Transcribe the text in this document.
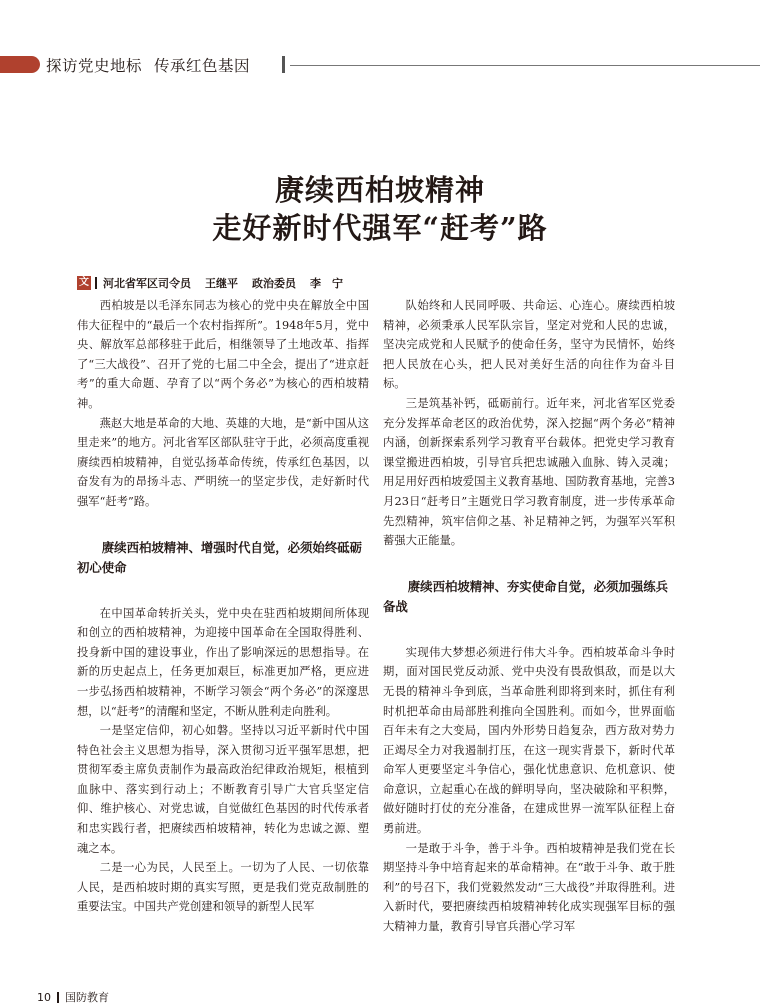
探访党史地标 传承红色基因
赓续西柏坡精神
走好新时代强军“赶考”路
文 河北省军区司令员 王继平 政治委员 李　宁

西柏坡是以毛泽东同志为核心的党中央在解放全中国伟大征程中的“最后一个农村指挥所”。1948年5月，党中央、解放军总部移驻于此后，相继领导了土地改革、指挥了“三大战役”、召开了党的七届二中全会，提出了“进京赶考”的重大命题、孕育了以“两个务必”为核心的西柏坡精神。

燕赵大地是革命的大地、英雄的大地，是“新中国从这里走来”的地方。河北省军区部队驻守于此，必须高度重视赓续西柏坡精神，自觉弘扬革命传统，传承红色基因，以奋发有为的昂扬斗志、严明统一的坚定步伐，走好新时代强军“赶考”路。

赓续西柏坡精神、增强时代自觉，必须始终砥砺初心使命

在中国革命转折关头，党中央在驻西柏坡期间所体现和创立的西柏坡精神，为迎接中国革命在全国取得胜利、投身新中国的建设事业，作出了影响深远的思想指导。在新的历史起点上，任务更加艰巨，标准更加严格，更应进一步弘扬西柏坡精神，不断学习领会“两个务必”的深邃思想，以“赶考”的清醒和坚定，不断从胜利走向胜利。

一是坚定信仰，初心如磐。坚持以习近平新时代中国特色社会主义思想为指导，深入贯彻习近平强军思想，把贯彻军委主席负责制作为最高政治纪律政治规矩，根植到血脉中、落实到行动上；不断教育引导广大官兵坚定信仰、维护核心、对党忠诚，自觉做红色基因的时代传承者和忠实践行者，把赓续西柏坡精神，转化为忠诚之源、塑魂之本。

二是一心为民，人民至上。一切为了人民、一切依靠人民，是西柏坡时期的真实写照，更是我们党克敌制胜的重要法宝。中国共产党创建和领导的新型人民军

队始终和人民同呼吸、共命运、心连心。赓续西柏坡精神，必须秉承人民军队宗旨，坚定对党和人民的忠诚，坚决完成党和人民赋予的使命任务，坚守为民情怀，始终把人民放在心头，把人民对美好生活的向往作为奋斗目标。

三是筑基补钙，砥砺前行。近年来，河北省军区党委充分发挥革命老区的政治优势，深入挖掘“两个务必”精神内涵，创新探索系列学习教育平台载体。把党史学习教育课堂搬进西柏坡，引导官兵把忠诚融入血脉、铸入灵魂；用足用好西柏坡爱国主义教育基地、国防教育基地，完善3月23日“赶考日”主题党日学习教育制度，进一步传承革命先烈精神，筑牢信仰之基、补足精神之钙，为强军兴军积蓄强大正能量。

赓续西柏坡精神、夯实使命自觉，必须加强练兵备战

实现伟大梦想必须进行伟大斗争。西柏坡革命斗争时期，面对国民党反动派、党中央没有畏敌惧敌，而是以大无畏的精神斗争到底，当革命胜利即将到来时，抓住有利时机把革命由局部胜利推向全国胜利。而如今，世界面临百年未有之大变局，国内外形势日趋复杂，西方敌对势力正竭尽全力对我遏制打压，在这一现实背景下，新时代革命军人更要坚定斗争信心，强化忧患意识、危机意识、使命意识，立起重心在战的鲜明导向，坚决破除和平积弊，做好随时打仗的充分准备，在建成世界一流军队征程上奋勇前进。

一是敢于斗争，善于斗争。西柏坡精神是我们党在长期坚持斗争中培育起来的革命精神。在“敢于斗争、敢于胜利”的号召下，我们党毅然发动“三大战役”并取得胜利。进入新时代，要把赓续西柏坡精神转化成实现强军目标的强大精神力量，教育引导官兵潜心学习军

10 国防教育
